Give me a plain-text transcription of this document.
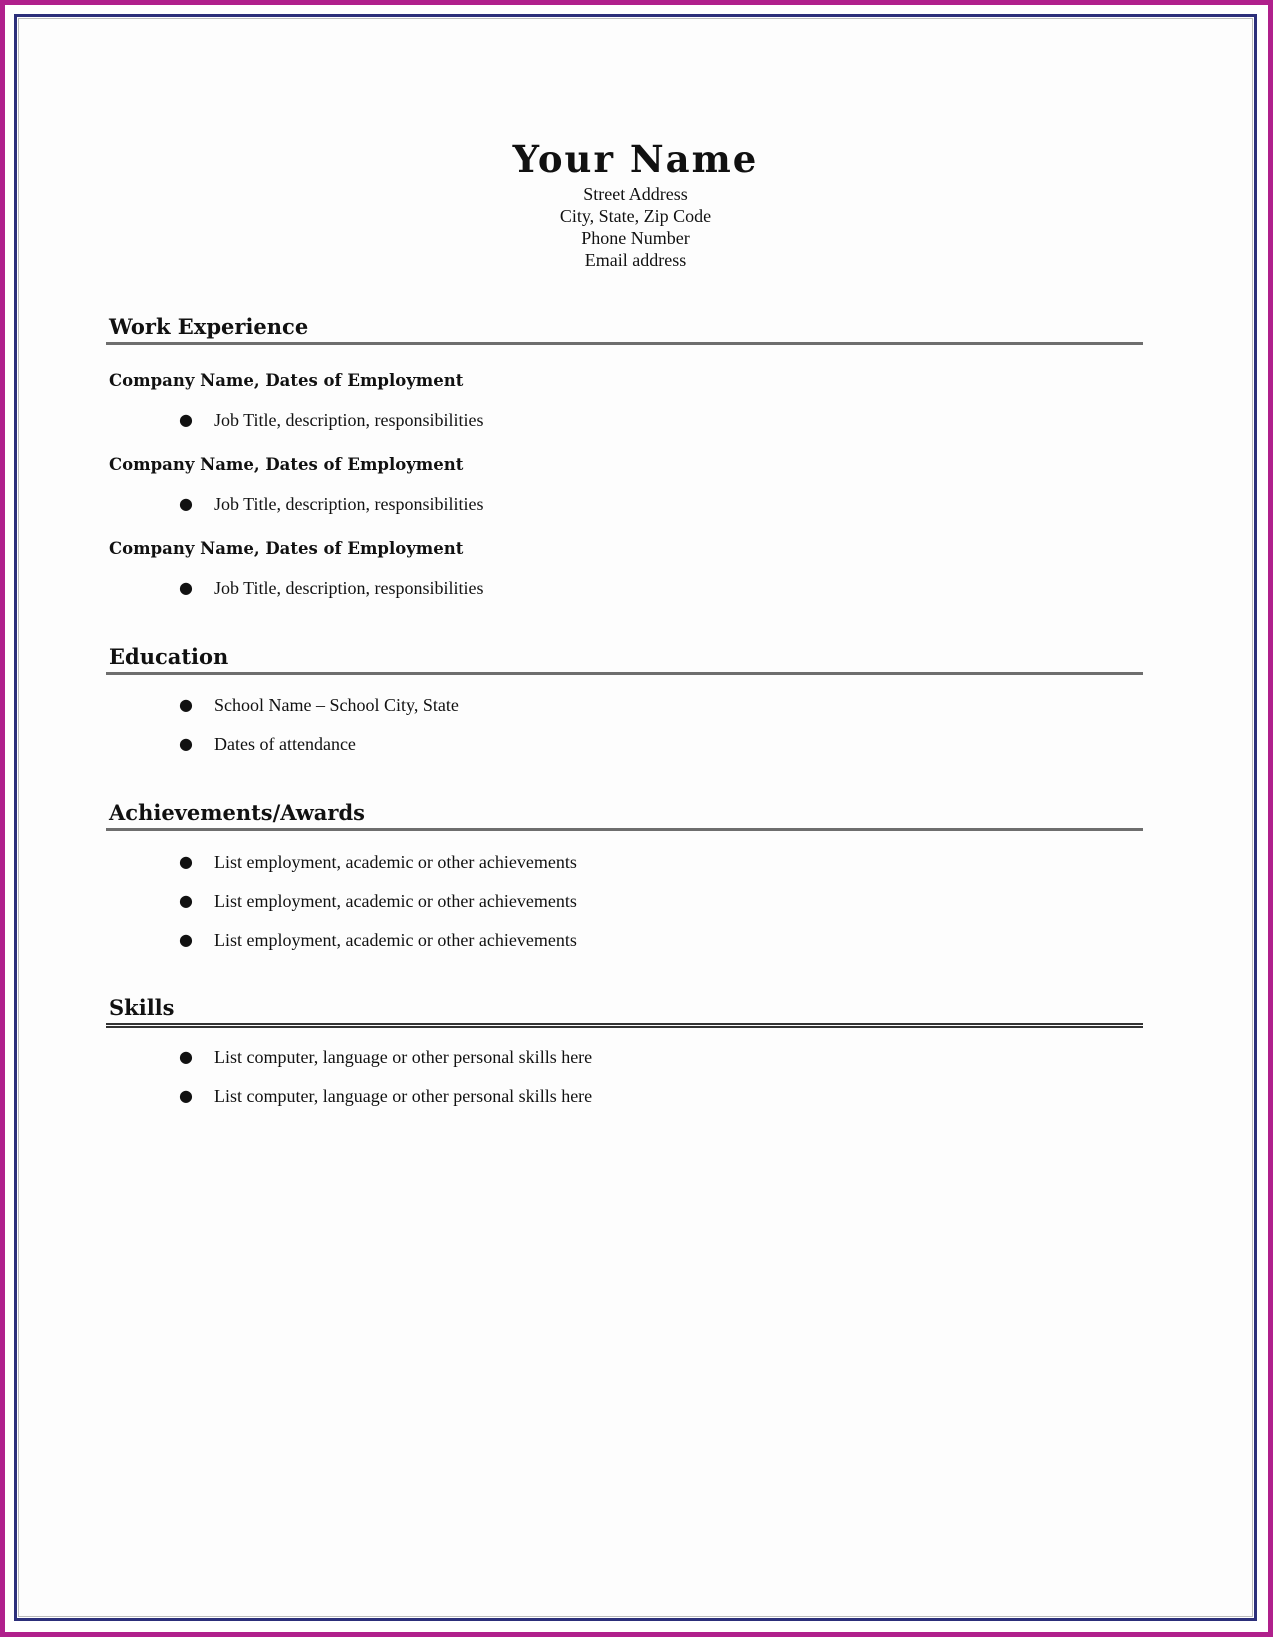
Your Name
Street Address
City, State, Zip Code
Phone Number
Email address
Work Experience
Company Name, Dates of Employment
●	Job Title, description, responsibilities
Company Name, Dates of Employment
●	Job Title, description, responsibilities
Company Name, Dates of Employment
●	Job Title, description, responsibilities
Education
●	School Name – School City, State
●	Dates of attendance
Achievements/Awards
●	List employment, academic or other achievements
●	List employment, academic or other achievements
●	List employment, academic or other achievements
Skills
●	List computer, language or other personal skills here
●	List computer, language or other personal skills here
